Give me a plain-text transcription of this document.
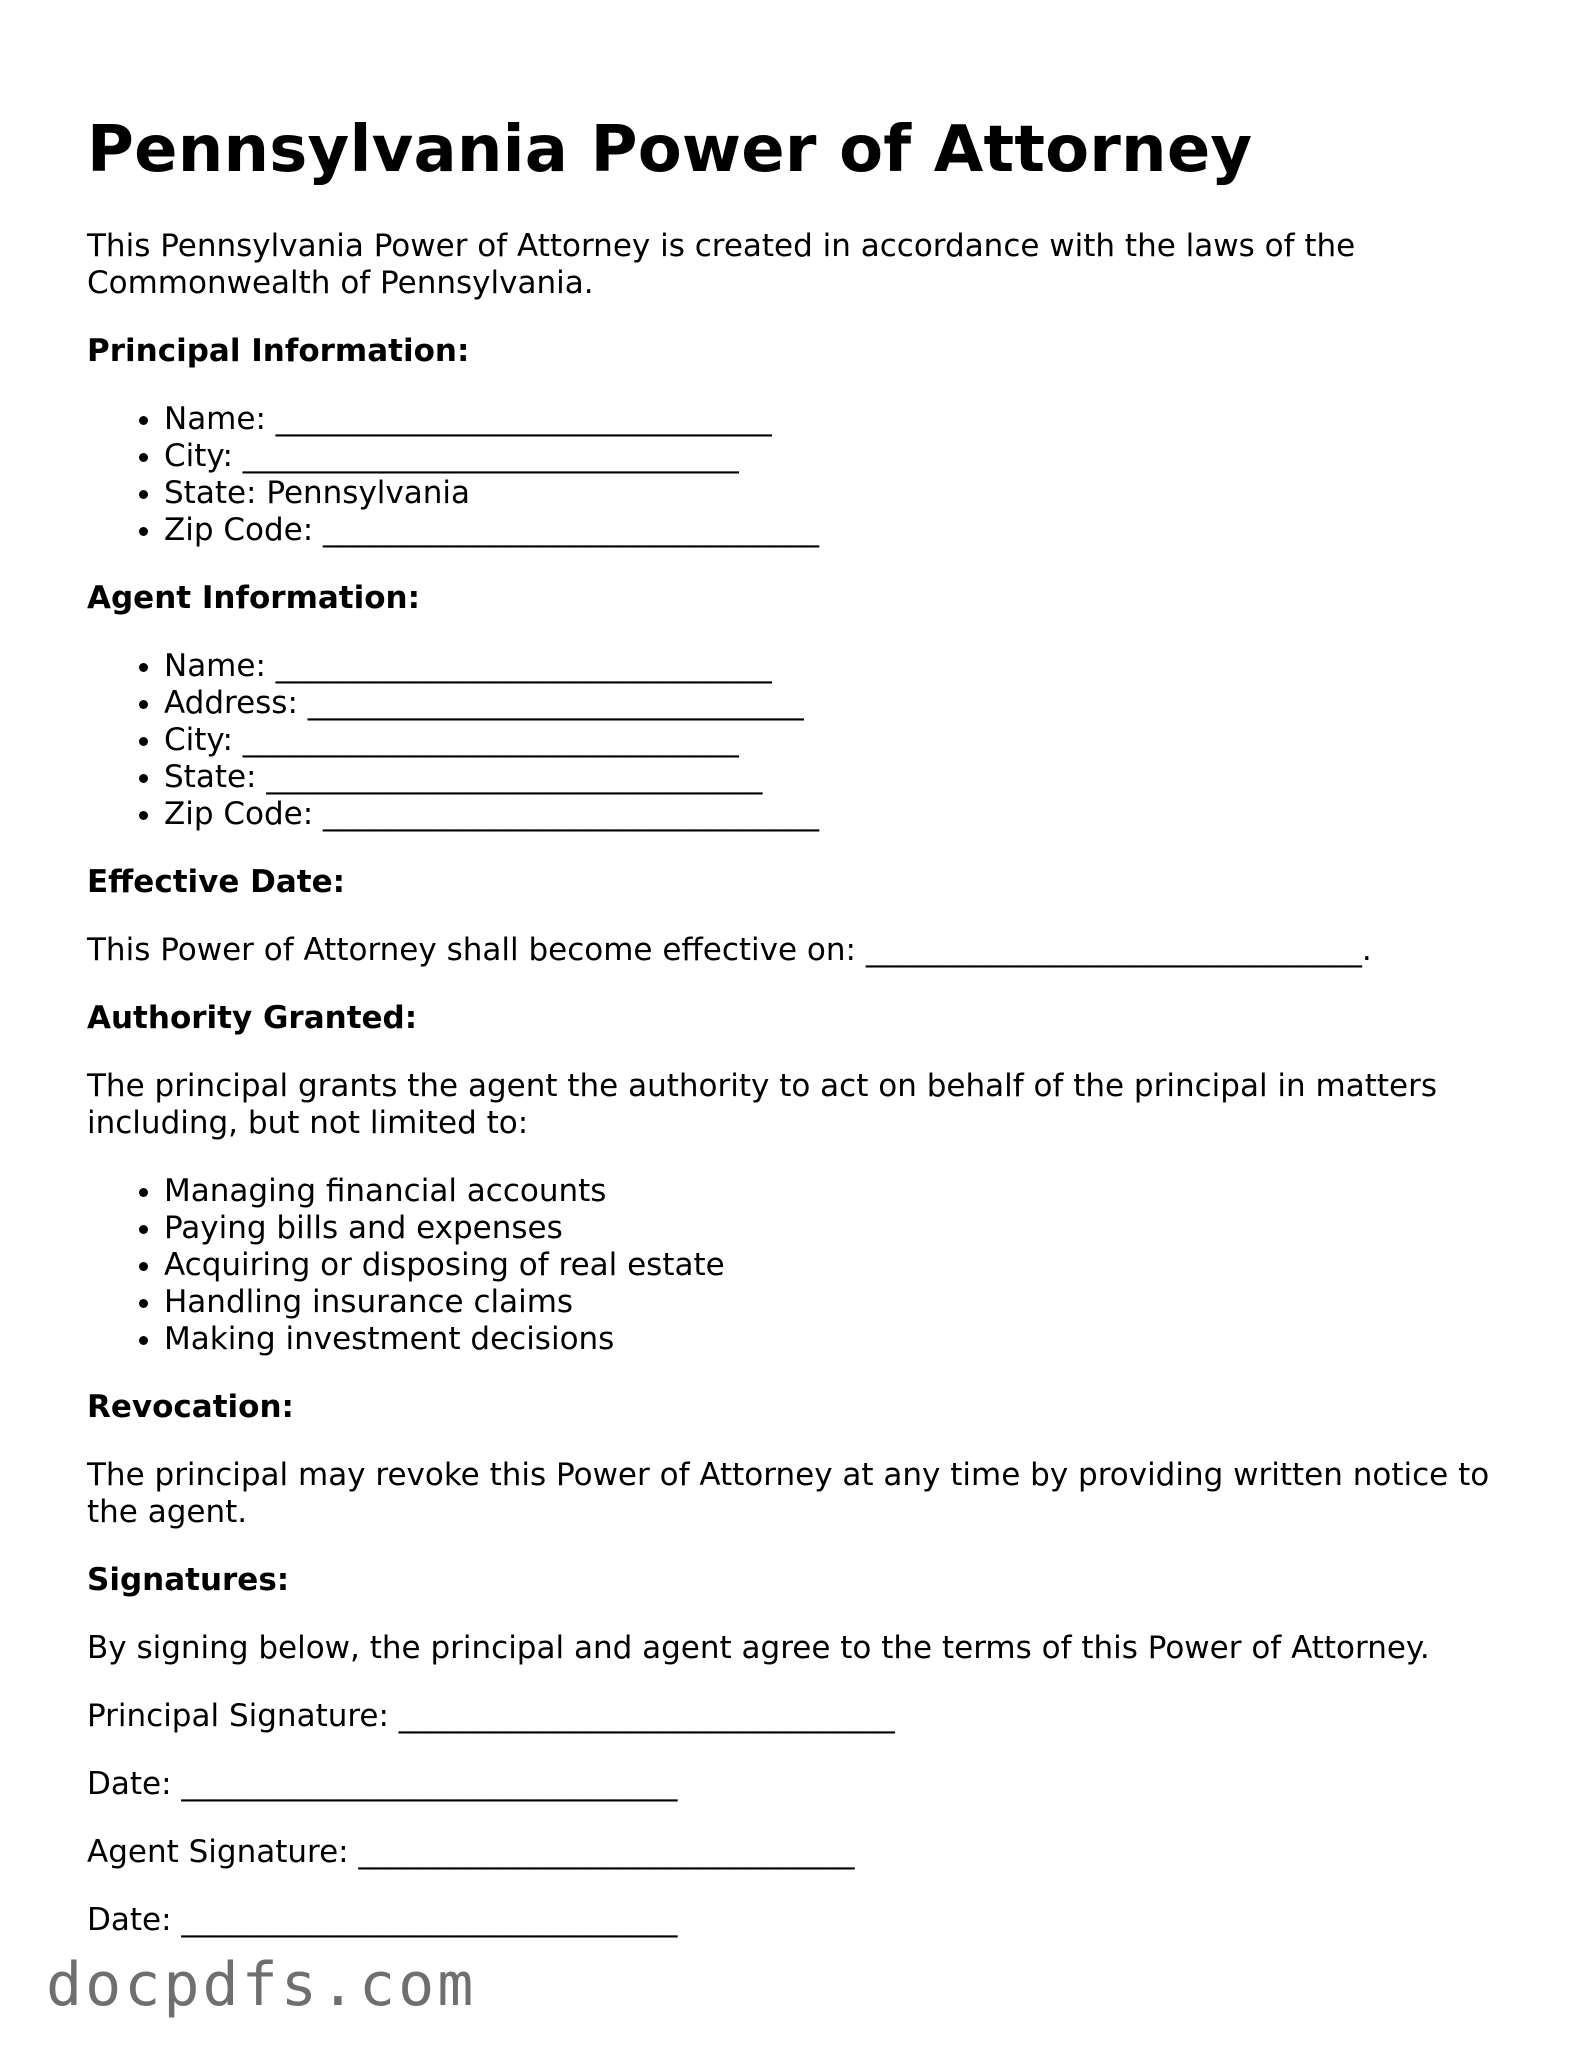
Pennsylvania Power of Attorney

This Pennsylvania Power of Attorney is created in accordance with the laws of the Commonwealth of Pennsylvania.

Principal Information:
• Name: ________________________________
• City: ________________________________
• State: Pennsylvania
• Zip Code: ________________________________
Agent Information:
• Name: ________________________________
• Address: ________________________________
• City: ________________________________
• State: ________________________________
• Zip Code: ________________________________
Effective Date:

This Power of Attorney shall become effective on: ________________________________.

Authority Granted:

The principal grants the agent the authority to act on behalf of the principal in matters including, but not limited to:

• Managing financial accounts
• Paying bills and expenses
• Acquiring or disposing of real estate
• Handling insurance claims
• Making investment decisions
Revocation:

The principal may revoke this Power of Attorney at any time by providing written notice to the agent.

Signatures:

By signing below, the principal and agent agree to the terms of this Power of Attorney.

Principal Signature: ________________________________

Date: ________________________________

Agent Signature: ________________________________

Date: ________________________________

docpdfs.com
